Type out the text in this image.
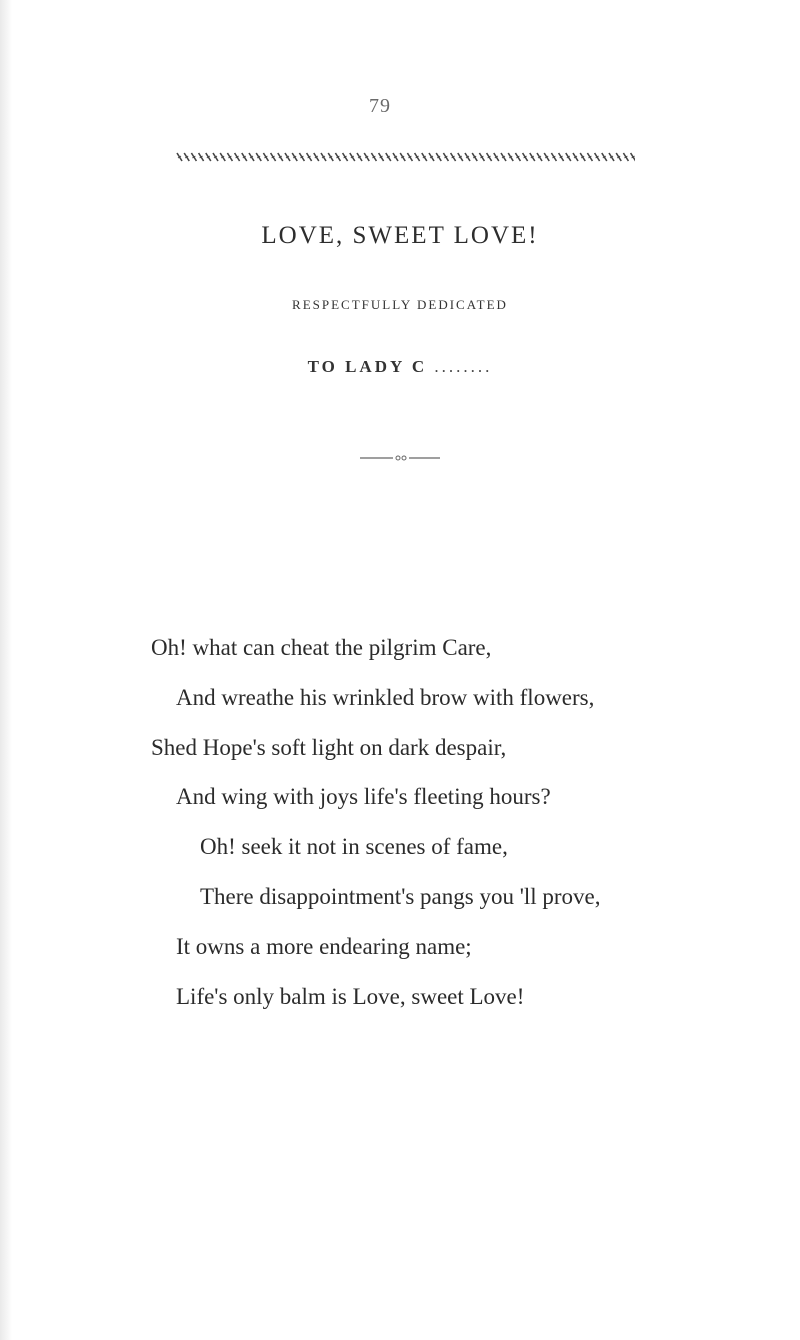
79
LOVE, SWEET LOVE!
RESPECTFULLY DEDICATED
TO LADY C ........
Oh! what can cheat the pilgrim Care,
And wreathe his wrinkled brow with flowers,
Shed Hope's soft light on dark despair,
And wing with joys life's fleeting hours?
Oh! seek it not in scenes of fame,
There disappointment's pangs you 'll prove,
It owns a more endearing name;
Life's only balm is Love, sweet Love!
